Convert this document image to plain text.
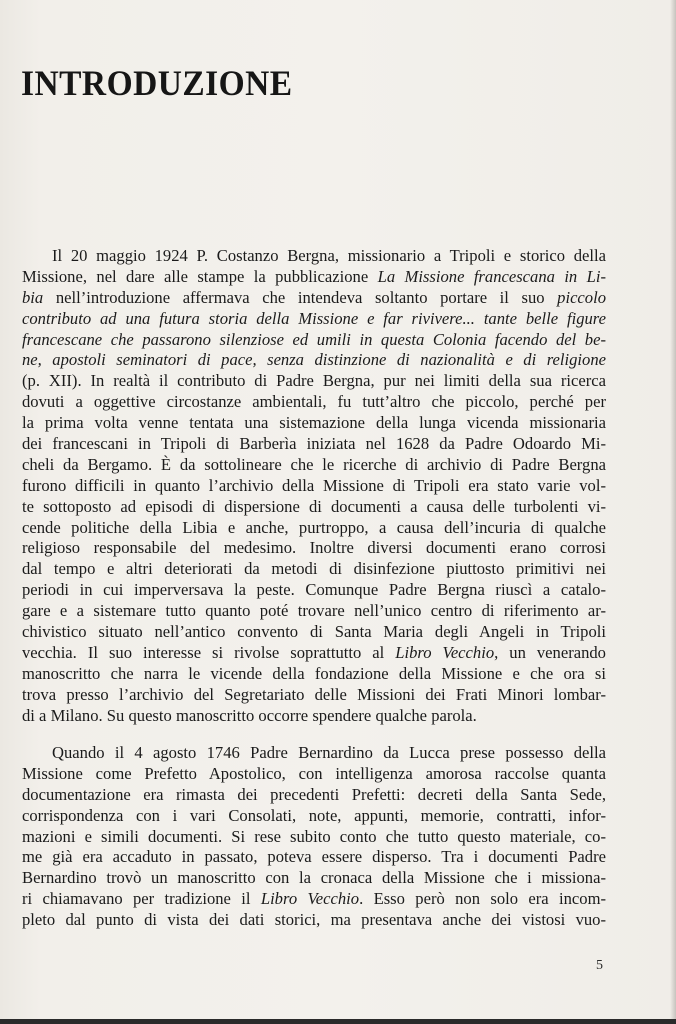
INTRODUZIONE
Il 20 maggio 1924 P. Costanzo Bergna, missionario a Tripoli e storico della
Missione, nel dare alle stampe la pubblicazione La Missione francescana in Li-
bia nell’introduzione affermava che intendeva soltanto portare il suo piccolo
contributo ad una futura storia della Missione e far rivivere... tante belle figure
francescane che passarono silenziose ed umili in questa Colonia facendo del be-
ne, apostoli seminatori di pace, senza distinzione di nazionalità e di religione
(p. XII). In realtà il contributo di Padre Bergna, pur nei limiti della sua ricerca
dovuti a oggettive circostanze ambientali, fu tutt’altro che piccolo, perché per
la prima volta venne tentata una sistemazione della lunga vicenda missionaria
dei francescani in Tripoli di Barberìa iniziata nel 1628 da Padre Odoardo Mi-
cheli da Bergamo. È da sottolineare che le ricerche di archivio di Padre Bergna
furono difficili in quanto l’archivio della Missione di Tripoli era stato varie vol-
te sottoposto ad episodi di dispersione di documenti a causa delle turbolenti vi-
cende politiche della Libia e anche, purtroppo, a causa dell’incuria di qualche
religioso responsabile del medesimo. Inoltre diversi documenti erano corrosi
dal tempo e altri deteriorati da metodi di disinfezione piuttosto primitivi nei
periodi in cui imperversava la peste. Comunque Padre Bergna riuscì a catalo-
gare e a sistemare tutto quanto poté trovare nell’unico centro di riferimento ar-
chivistico situato nell’antico convento di Santa Maria degli Angeli in Tripoli
vecchia. Il suo interesse si rivolse soprattutto al Libro Vecchio, un venerando
manoscritto che narra le vicende della fondazione della Missione e che ora si
trova presso l’archivio del Segretariato delle Missioni dei Frati Minori lombar-
di a Milano. Su questo manoscritto occorre spendere qualche parola.
Quando il 4 agosto 1746 Padre Bernardino da Lucca prese possesso della
Missione come Prefetto Apostolico, con intelligenza amorosa raccolse quanta
documentazione era rimasta dei precedenti Prefetti: decreti della Santa Sede,
corrispondenza con i vari Consolati, note, appunti, memorie, contratti, infor-
mazioni e simili documenti. Si rese subito conto che tutto questo materiale, co-
me già era accaduto in passato, poteva essere disperso. Tra i documenti Padre
Bernardino trovò un manoscritto con la cronaca della Missione che i missiona-
ri chiamavano per tradizione il Libro Vecchio. Esso però non solo era incom-
pleto dal punto di vista dei dati storici, ma presentava anche dei vistosi vuo-
5
